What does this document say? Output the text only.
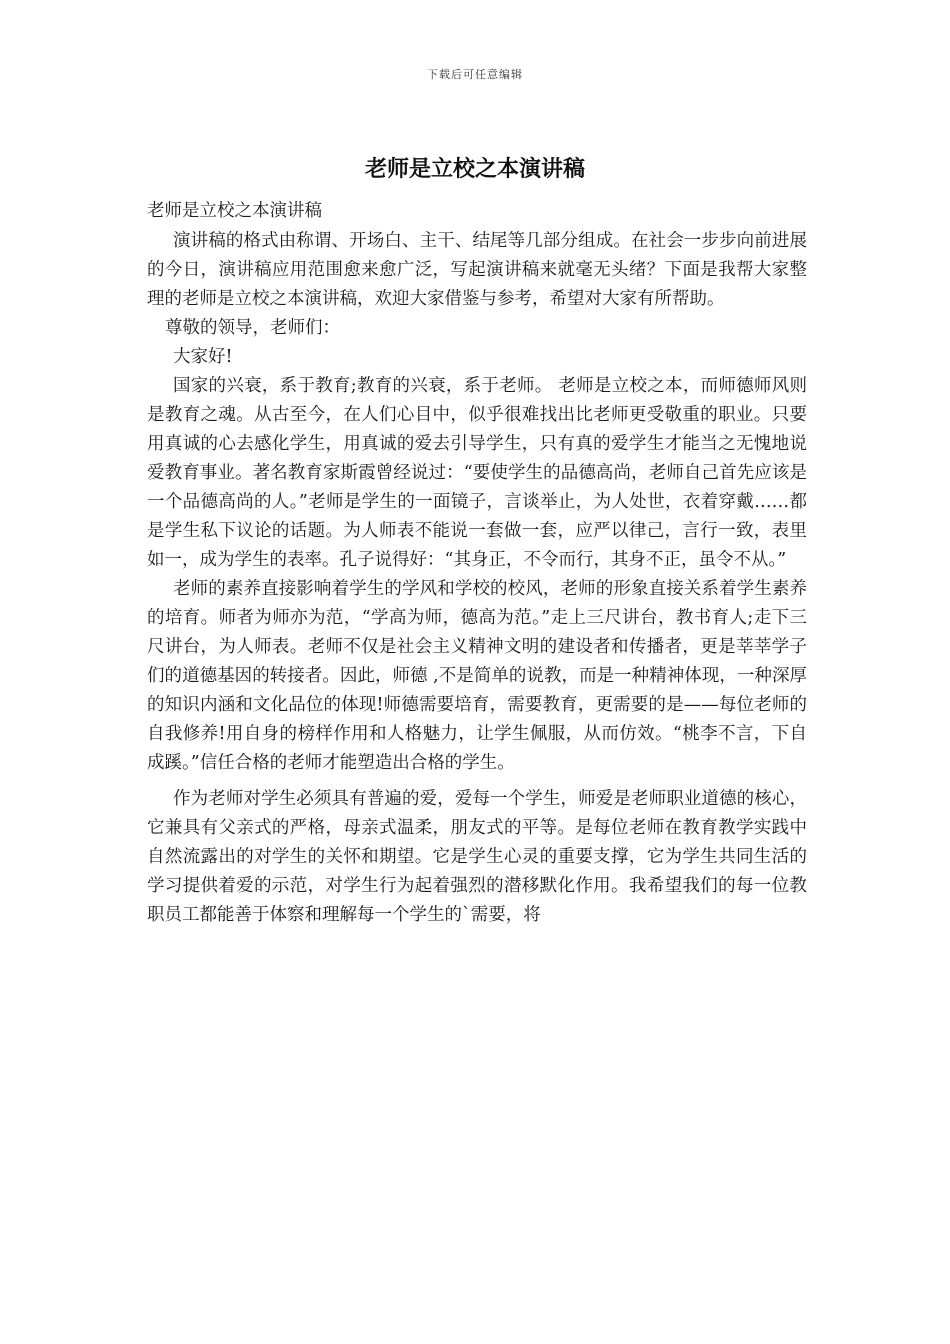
下载后可任意编辑
老师是立校之本演讲稿

老师是立校之本演讲稿

演讲稿的格式由称谓、开场白、主干、结尾等几部分组成。在社会一步步向前进展的今日，演讲稿应用范围愈来愈广泛，写起演讲稿来就毫无头绪？下面是我帮大家整理的老师是立校之本演讲稿，欢迎大家借鉴与参考，希望对大家有所帮助。

尊敬的领导，老师们：

大家好!

国家的兴衰，系于教育;教育的兴衰，系于老师。 老师是立校之本，而师德师风则是教育之魂。从古至今，在人们心目中，似乎很难找出比老师更受敬重的职业。只要用真诚的心去感化学生，用真诚的爱去引导学生，只有真的爱学生才能当之无愧地说爱教育事业。著名教育家斯霞曾经说过：“要使学生的品德高尚，老师自己首先应该是一个品德高尚的人。”老师是学生的一面镜子，言谈举止，为人处世，衣着穿戴……都是学生私下议论的话题。为人师表不能说一套做一套，应严以律己，言行一致，表里如一，成为学生的表率。孔子说得好：“其身正，不令而行，其身不正，虽令不从。”

老师的素养直接影响着学生的学风和学校的校风，老师的形象直接关系着学生素养的培育。师者为师亦为范，“学高为师，德高为范。”走上三尺讲台，教书育人;走下三尺讲台，为人师表。老师不仅是社会主义精神文明的建设者和传播者，更是莘莘学子们的道德基因的转接者。因此，师德 ,不是简单的说教，而是一种精神体现，一种深厚的知识内涵和文化品位的体现!师德需要培育，需要教育，更需要的是——每位老师的自我修养!用自身的榜样作用和人格魅力，让学生佩服，从而仿效。“桃李不言，下自成蹊。”信任合格的老师才能塑造出合格的学生。

作为老师对学生必须具有普遍的爱，爱每一个学生，师爱是老师职业道德的核心，它兼具有父亲式的严格，母亲式温柔，朋友式的平等。是每位老师在教育教学实践中自然流露出的对学生的关怀和期望。它是学生心灵的重要支撑，它为学生共同生活的学习提供着爱的示范，对学生行为起着强烈的潜移默化作用。我希望我们的每一位教职员工都能善于体察和理解每一个学生的`需要，将
